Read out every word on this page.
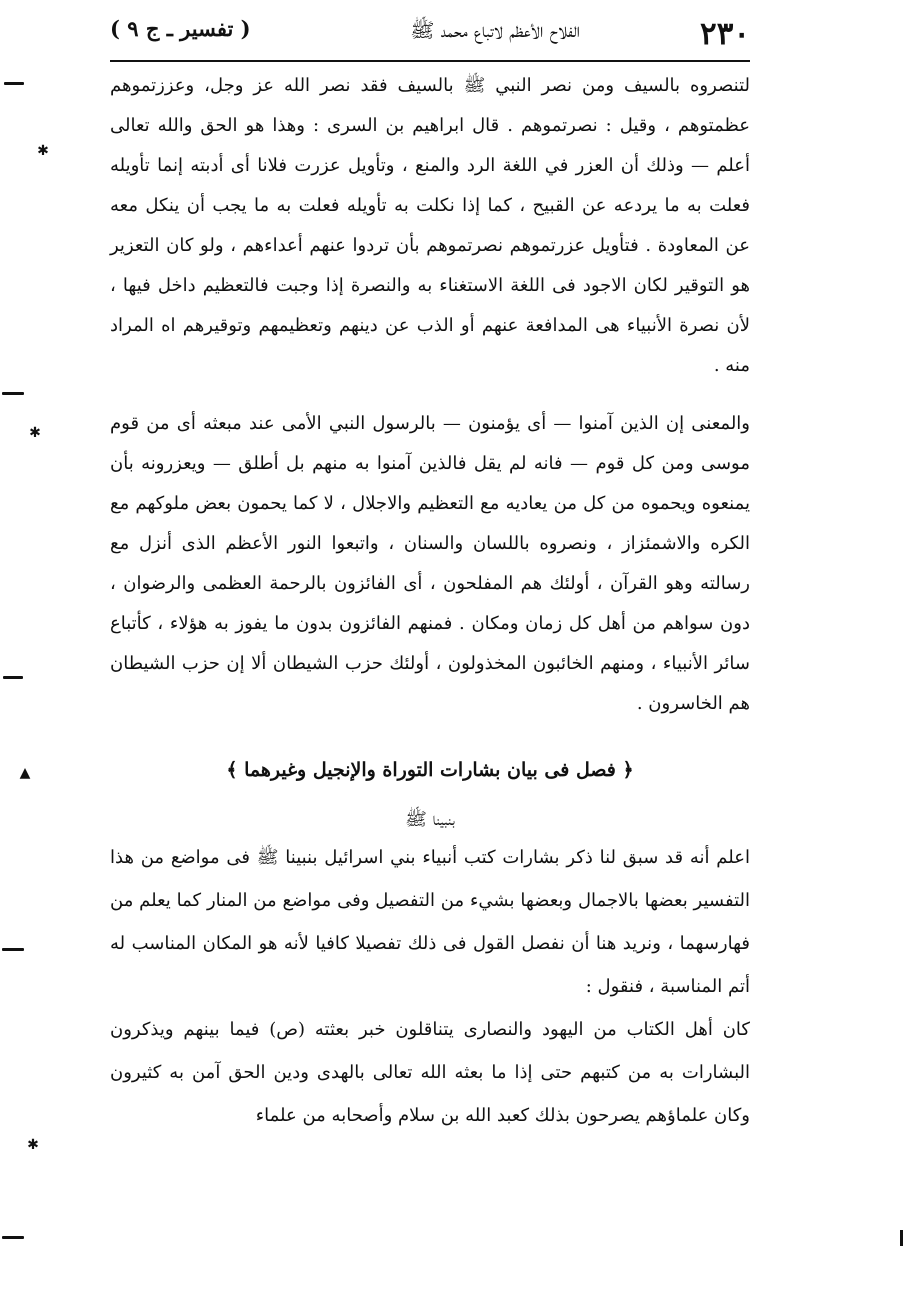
٢٣٠
الفلاح الأعظم لاتباع محمد ﷺ
( تفسير ـ ج ٩ )

لتنصروه بالسيف ومن نصر النبي ﷺ بالسيف فقد نصر الله عز وجل، وعززتموهم عظمتوهم ، وقيل : نصرتموهم . قال ابراهيم بن السرى : وهذا هو الحق والله تعالى أعلم — وذلك أن العزر في اللغة الرد والمنع ، وتأويل عزرت فلانا أى أدبته إنما تأويله فعلت به ما يردعه عن القبيح ، كما إذا نكلت به تأويله فعلت به ما يجب أن ينكل معه عن المعاودة . فتأويل عزرتموهم نصرتموهم بأن تردوا عنهم أعداءهم ، ولو كان التعزير هو التوقير لكان الاجود فى اللغة الاستغناء به والنصرة إذا وجبت فالتعظيم داخل فيها ، لأن نصرة الأنبياء هى المدافعة عنهم أو الذب عن دينهم وتعظيمهم وتوقيرهم اه المراد منه .

والمعنى إن الذين آمنوا — أى يؤمنون — بالرسول النبي الأمى عند مبعثه أى من قوم موسى ومن كل قوم — فانه لم يقل فالذين آمنوا به منهم بل أطلق — ويعزرونه بأن يمنعوه ويحموه من كل من يعاديه مع التعظيم والاجلال ، لا كما يحمون بعض ملوكهم مع الكره والاشمئزاز ، ونصروه باللسان والسنان ، واتبعوا النور الأعظم الذى أنزل مع رسالته وهو القرآن ، أولئك هم المفلحون ، أى الفائزون بالرحمة العظمى والرضوان ، دون سواهم من أهل كل زمان ومكان . فمنهم الفائزون بدون ما يفوز به هؤلاء ، كأتباع سائر الأنبياء ، ومنهم الخائبون المخذولون ، أولئك حزب الشيطان ألا إن حزب الشيطان هم الخاسرون .

﴿ فصل فى بيان بشارات التوراة والإنجيل وغيرهما ﴾
بنبينا ﷺ

اعلم أنه قد سبق لنا ذكر بشارات كتب أنبياء بني اسرائيل بنبينا ﷺ فى مواضع من هذا التفسير بعضها بالاجمال وبعضها بشيء من التفصيل وفى مواضع من المنار كما يعلم من فهارسهما ، ونريد هنا أن نفصل القول فى ذلك تفصيلا كافيا لأنه هو المكان المناسب له أتم المناسبة ، فنقول :

كان أهل الكتاب من اليهود والنصارى يتناقلون خبر بعثته (ص) فيما بينهم ويذكرون البشارات به من كتبهم حتى إذا ما بعثه الله تعالى بالهدى ودين الحق آمن به كثيرون وكان علماؤهم يصرحون بذلك كعبد الله بن سلام وأصحابه من علماء

✱
✱
▲
✱
